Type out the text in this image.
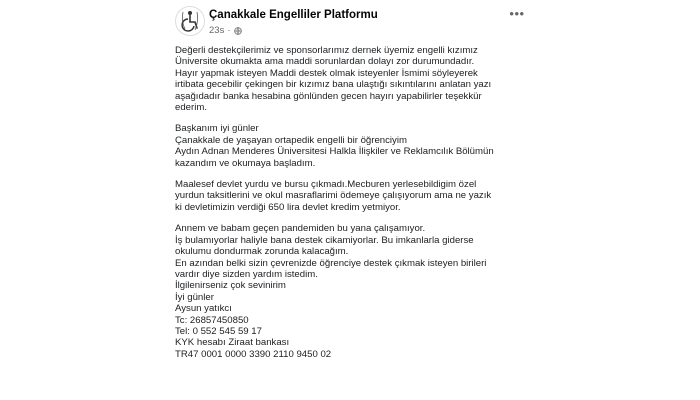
Çanakkale Engelliler Platformu
23s ·
•••
Değerli destekçilerimiz ve sponsorlarımız dernek üyemiz engelli kızımız
Üniversite okumakta ama maddi sorunlardan dolayı zor durumundadır.
Hayır yapmak isteyen Maddi destek olmak isteyenler İsmimi söyleyerek
irtibata gecebilir çekingen bir kızımız bana ulaştığı sıkıntılarını anlatan yazı
aşağıdadır banka hesabina gönlünden gecen hayırı yapabilirler teşekkür
ederim.
Başkanım iyi günler
Çanakkale de yaşayan ortapedik engelli bir öğrenciyim
Aydın Adnan Menderes Üniversitesi Halkla İlişkiler ve Reklamcılık Bölümün
kazandım ve okumaya başladım.
Maalesef devlet yurdu ve bursu çıkmadı.Mecburen yerlesebildigim özel
yurdun taksitlerini ve okul masraflarimi ödemeye çalışıyorum ama ne yazık
ki devletimizin verdiği 650 lira devlet kredim yetmiyor.
Annem ve babam geçen pandemiden bu yana çalışamıyor.
İş bulamıyorlar haliyle bana destek cikamiyorlar. Bu imkanlarla giderse
okulumu dondurmak zorunda kalacağım.
En azından belki sizin çevrenizde öğrenciye destek çıkmak isteyen birileri
vardır diye sizden yardım istedim.
İlgilenirseniz çok sevinirim
İyi günler
Aysun yatıkcı
Tc: 26857450850
Tel: 0 552 545 59 17
KYK hesabı Ziraat bankası
TR47 0001 0000 3390 2110 9450 02
